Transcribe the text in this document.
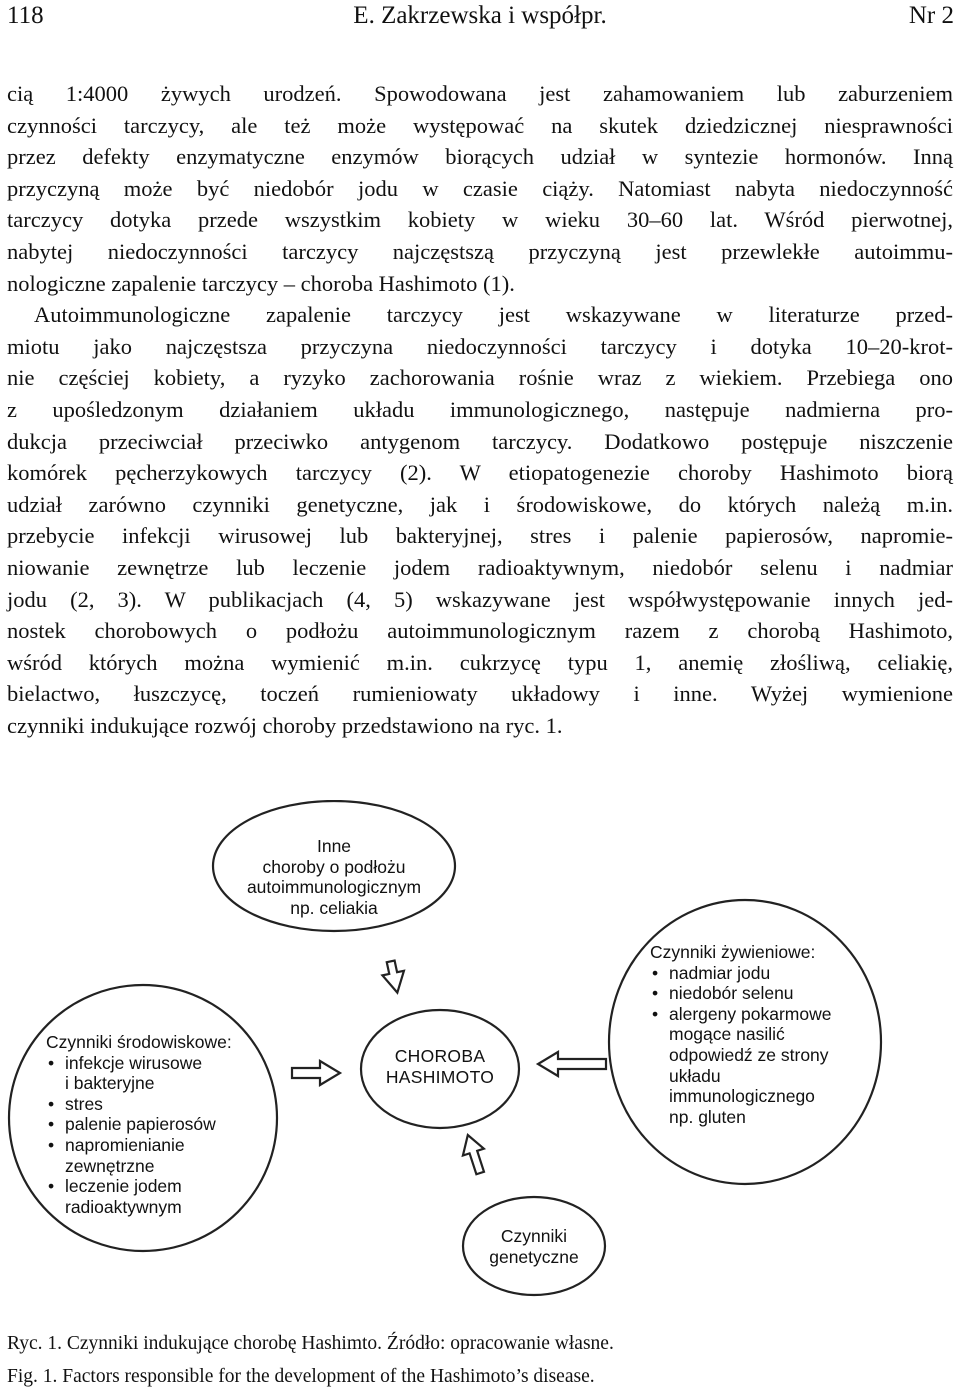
118	E. Zakrzewska i współpr.	Nr 2
cią 1:4000 żywych urodzeń. Spowodowana jest zahamowaniem lub zaburzeniem
czynności tarczycy, ale też może występować na skutek dziedzicznej niesprawności
przez defekty enzymatyczne enzymów biorących udział w syntezie hormonów. Inną
przyczyną może być niedobór jodu w czasie ciąży. Natomiast nabyta niedoczynność
tarczycy dotyka przede wszystkim kobiety w wieku 30–60 lat. Wśród pierwotnej,
nabytej niedoczynności tarczycy najczęstszą przyczyną jest przewlekłe autoimmu-
nologiczne zapalenie tarczycy – choroba Hashimoto (1).
Autoimmunologiczne zapalenie tarczycy jest wskazywane w literaturze przed-
miotu jako najczęstsza przyczyna niedoczynności tarczycy i dotyka 10–20-krot-
nie częściej kobiety, a ryzyko zachorowania rośnie wraz z wiekiem. Przebiega ono
z upośledzonym działaniem układu immunologicznego, następuje nadmierna pro-
dukcja przeciwciał przeciwko antygenom tarczycy. Dodatkowo postępuje niszczenie
komórek pęcherzykowych tarczycy (2). W etiopatogenezie choroby Hashimoto biorą
udział zarówno czynniki genetyczne, jak i środowiskowe, do których należą m.in.
przebycie infekcji wirusowej lub bakteryjnej, stres i palenie papierosów, napromie-
niowanie zewnętrze lub leczenie jodem radioaktywnym, niedobór selenu i nadmiar
jodu (2, 3). W publikacjach (4, 5) wskazywane jest współwystępowanie innych jed-
nostek chorobowych o podłożu autoimmunologicznym razem z chorobą Hashimoto,
wśród których można wymienić m.in. cukrzycę typu 1, anemię złośliwą, celiakię,
bielactwo, łuszczycę, toczeń rumieniowaty układowy i inne. Wyżej wymienione
czynniki indukujące rozwój choroby przedstawiono na ryc. 1.
Inne
choroby o podłożu
autoimmunologicznym
np. celiakia
CHOROBA
HASHIMOTO
Czynniki środowiskowe:
• infekcje wirusowe
i bakteryjne
• stres
• palenie papierosów
• napromienianie
zewnętrzne
• leczenie jodem
radioaktywnym
Czynniki żywieniowe:
• nadmiar jodu
• niedobór selenu
• alergeny pokarmowe
mogące nasilić
odpowiedź ze strony
układu
immunologicznego
np. gluten
Czynniki
genetyczne
Ryc. 1. Czynniki indukujące chorobę Hashimto. Źródło: opracowanie własne.
Fig. 1. Factors responsible for the development of the Hashimoto’s disease.
